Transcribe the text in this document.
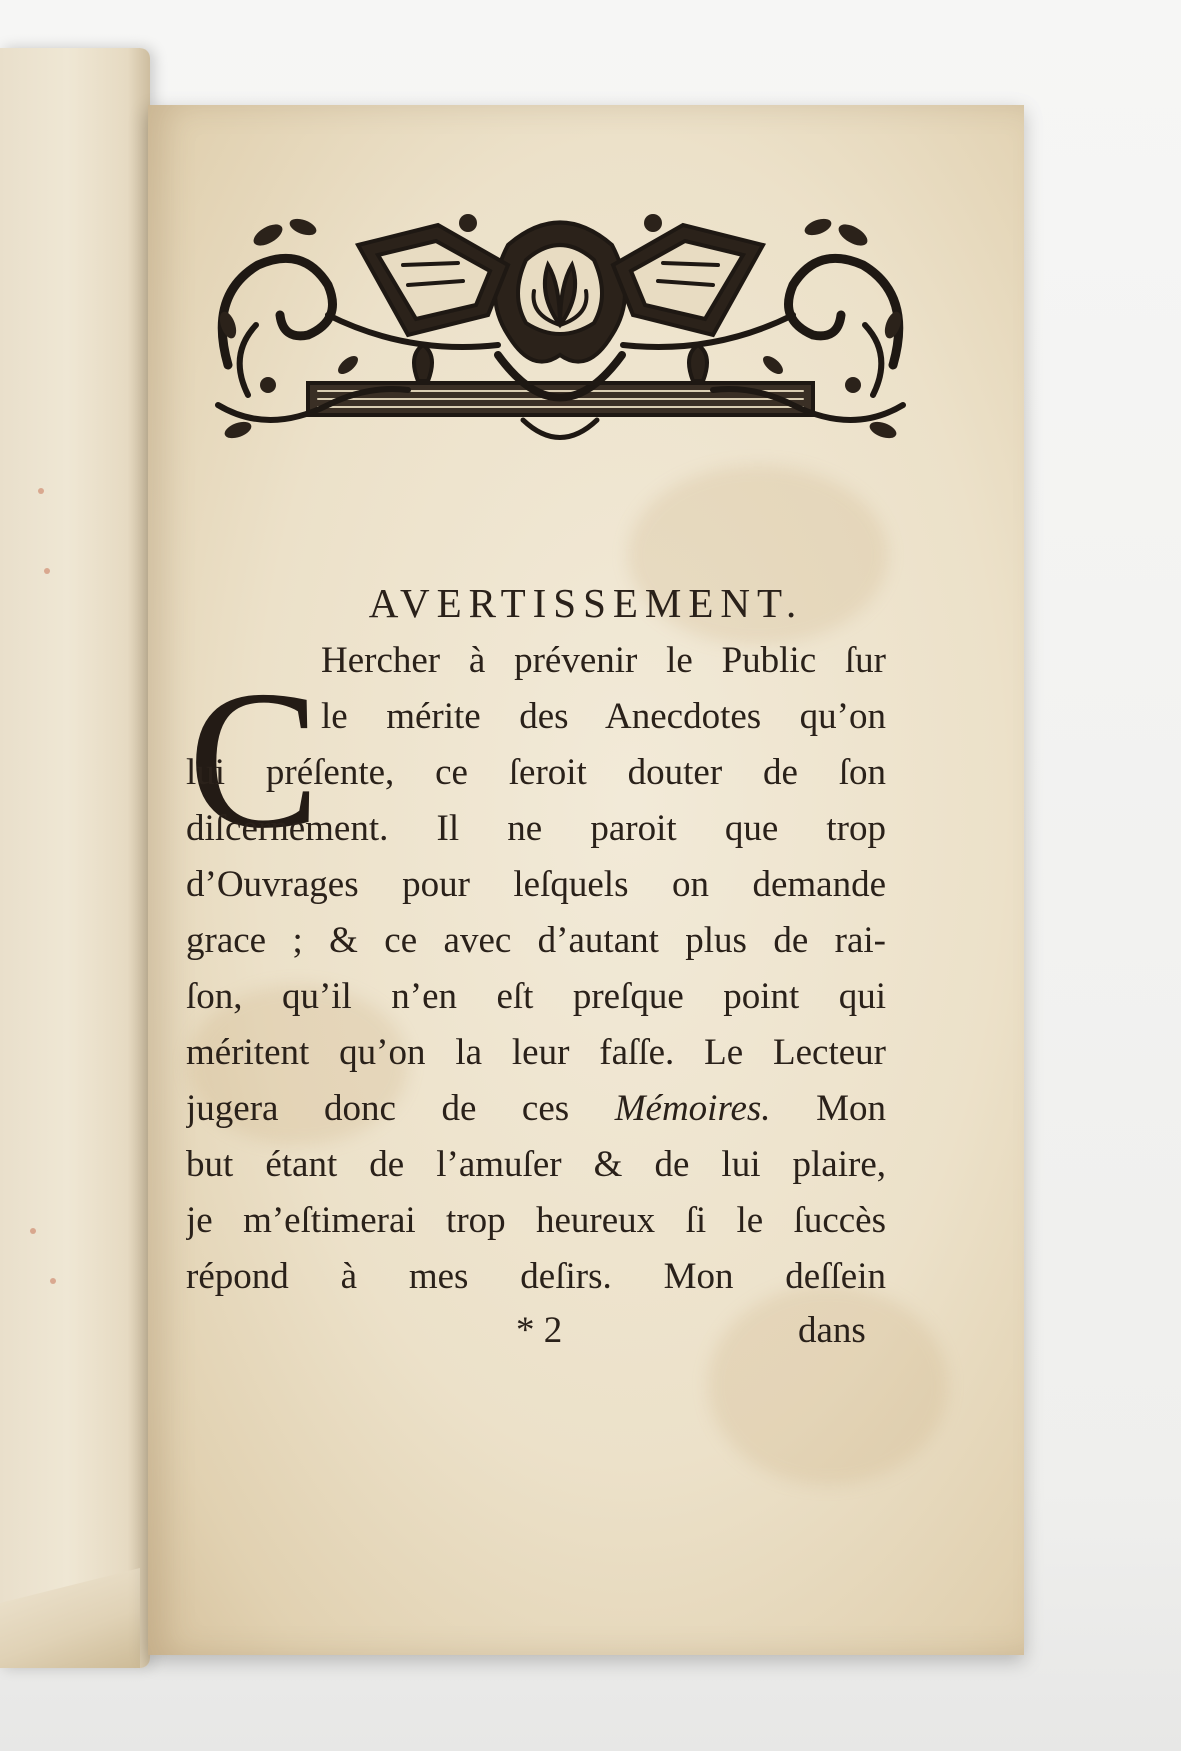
AVERTISSEMENT.
C Hercher à prévenir le Public ſur
le mérite des Anecdotes qu’on
lui préſente, ce ſeroit douter de ſon
diſcernement. Il ne paroit que trop
d’Ouvrages pour leſquels on demande
grace ; & ce avec d’autant plus de rai-
ſon, qu’il n’en eſt preſque point qui
méritent qu’on la leur faſſe. Le Lecteur
jugera donc de ces Mémoires. Mon
but étant de l’amuſer & de lui plaire,
je m’eſtimerai trop heureux ſi le ſuccès
répond à mes deſirs. Mon deſſein
* 2	dans
